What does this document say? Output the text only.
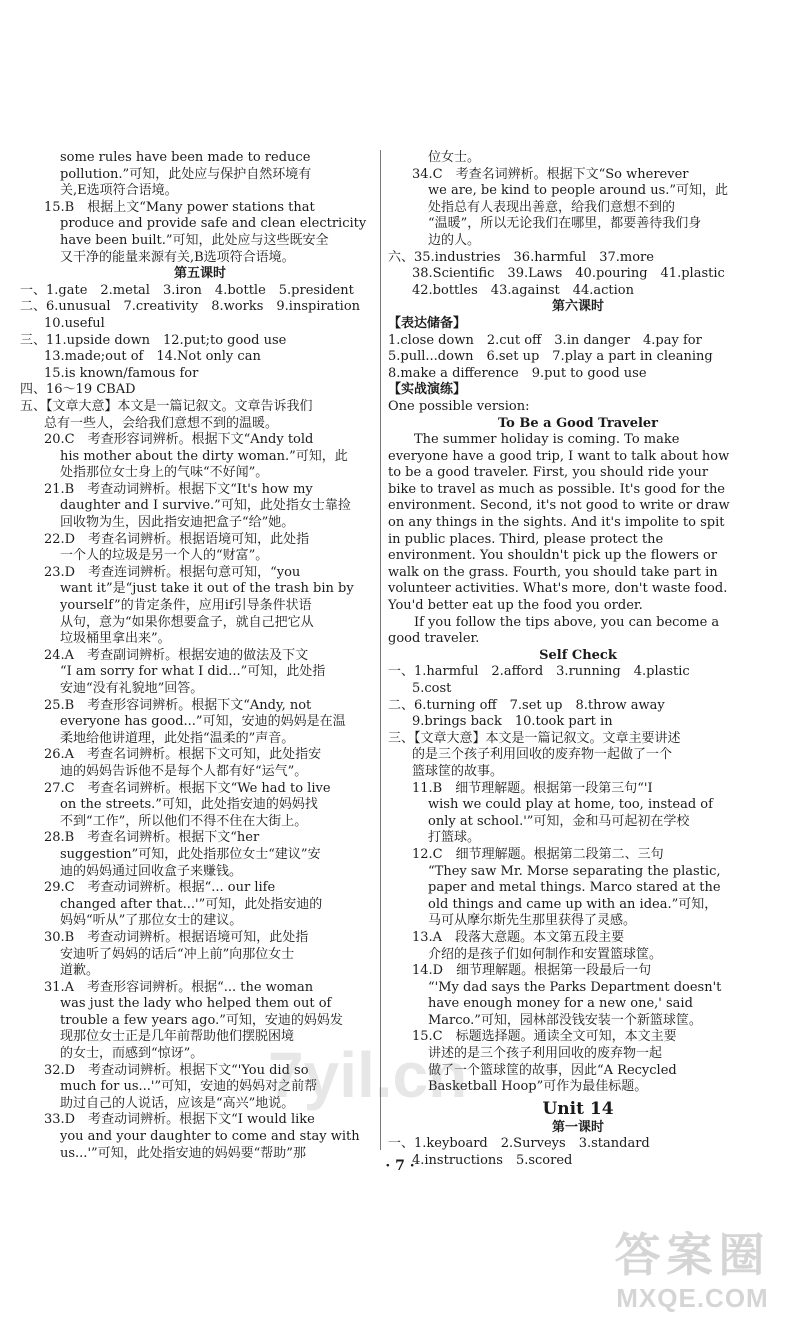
some rules have been made to reduce
pollution.”可知，此处应与保护自然环境有
关,E选项符合语境。
15.B　根据上文“Many power stations that
produce and provide safe and clean electricity
have been built.”可知，此处应与这些既安全
又干净的能量来源有关,B选项符合语境。
第五课时
一、1.gate　2.metal　3.iron　4.bottle　5.president
二、6.unusual　7.creativity　8.works　9.inspiration
10.useful
三、11.upside down　12.put;to good use
13.made;out of　14.Not only can
15.is known/famous for
四、16～19 CBAD
五、【文章大意】本文是一篇记叙文。文章告诉我们
总有一些人，会给我们意想不到的温暖。
20.C　考查形容词辨析。根据下文“Andy told
his mother about the dirty woman.”可知，此
处指那位女士身上的气味“不好闻”。
21.B　考查动词辨析。根据下文“It's how my
daughter and I survive.”可知，此处指女士靠捡
回收物为生，因此指安迪把盒子“给”她。
22.D　考查名词辨析。根据语境可知，此处指
一个人的垃圾是另一个人的“财富”。
23.D　考查连词辨析。根据句意可知，“you
want it”是“just take it out of the trash bin by
yourself”的肯定条件，应用if引导条件状语
从句，意为“如果你想要盒子，就自己把它从
垃圾桶里拿出来”。
24.A　考查副词辨析。根据安迪的做法及下文
“I am sorry for what I did...”可知，此处指
安迪“没有礼貌地”回答。
25.B　考查形容词辨析。根据下文“Andy, not
everyone has good...”可知，安迪的妈妈是在温
柔地给他讲道理，此处指“温柔的”声音。
26.A　考查名词辨析。根据下文可知，此处指安
迪的妈妈告诉他不是每个人都有好“运气”。
27.C　考查名词辨析。根据下文“We had to live
on the streets.”可知，此处指安迪的妈妈找
不到“工作”，所以他们不得不住在大街上。
28.B　考查名词辨析。根据下文“her
suggestion”可知，此处指那位女士“建议”安
迪的妈妈通过回收盒子来赚钱。
29.C　考查动词辨析。根据“... our life
changed after that...'”可知，此处指安迪的
妈妈“听从”了那位女士的建议。
30.B　考查动词辨析。根据语境可知，此处指
安迪听了妈妈的话后“冲上前”向那位女士
道歉。
31.A　考查形容词辨析。根据“... the woman
was just the lady who helped them out of
trouble a few years ago.”可知，安迪的妈妈发
现那位女士正是几年前帮助他们摆脱困境
的女士，而感到“惊讶”。
32.D　考查动词辨析。根据下文“'You did so
much for us...'”可知，安迪的妈妈对之前帮
助过自己的人说话，应该是“高兴”地说。
33.D　考查动词辨析。根据下文“I would like
you and your daughter to come and stay with
us...'”可知，此处指安迪的妈妈要“帮助”那
位女士。
34.C　考查名词辨析。根据下文“So wherever
we are, be kind to people around us.”可知，此
处指总有人表现出善意，给我们意想不到的
“温暖”，所以无论我们在哪里，都要善待我们身
边的人。
六、35.industries　36.harmful　37.more
38.Scientific　39.Laws　40.pouring　41.plastic
42.bottles　43.against　44.action
第六课时
【表达储备】
1.close down　2.cut off　3.in danger　4.pay for
5.pull...down　6.set up　7.play a part in cleaning
8.make a difference　9.put to good use
【实战演练】
One possible version:
To Be a Good Traveler
The summer holiday is coming. To make
everyone have a good trip, I want to talk about how
to be a good traveler. First, you should ride your
bike to travel as much as possible. It's good for the
environment. Second, it's not good to write or draw
on any things in the sights. And it's impolite to spit
in public places. Third, please protect the
environment. You shouldn't pick up the flowers or
walk on the grass. Fourth, you should take part in
volunteer activities. What's more, don't waste food.
You'd better eat up the food you order.
If you follow the tips above, you can become a
good traveler.
Self Check
一、1.harmful　2.afford　3.running　4.plastic
5.cost
二、6.turning off　7.set up　8.throw away
9.brings back　10.took part in
三、【文章大意】本文是一篇记叙文。文章主要讲述
的是三个孩子利用回收的废弃物一起做了一个
篮球筐的故事。
11.B　细节理解题。根据第一段第三句“'I
wish we could play at home, too, instead of
only at school.'”可知，金和马可起初在学校
打篮球。
12.C　细节理解题。根据第二段第二、三句
“They saw Mr. Morse separating the plastic,
paper and metal things. Marco stared at the
old things and came up with an idea.”可知，
马可从摩尔斯先生那里获得了灵感。
13.A　段落大意题。本文第五段主要
介绍的是孩子们如何制作和安置篮球筐。
14.D　细节理解题。根据第一段最后一句
“'My dad says the Parks Department doesn't
have enough money for a new one,' said
Marco.”可知，园林部没钱安装一个新篮球筐。
15.C　标题选择题。通读全文可知，本文主要
讲述的是三个孩子利用回收的废弃物一起
做了一个篮球筐的故事，因此“A Recycled
Basketball Hoop”可作为最佳标题。
Unit 14
第一课时
一、1.keyboard　2.Surveys　3.standard
4.instructions　5.scored
7yil.cn
· 7 ·
答案圈
MXQE.COM
